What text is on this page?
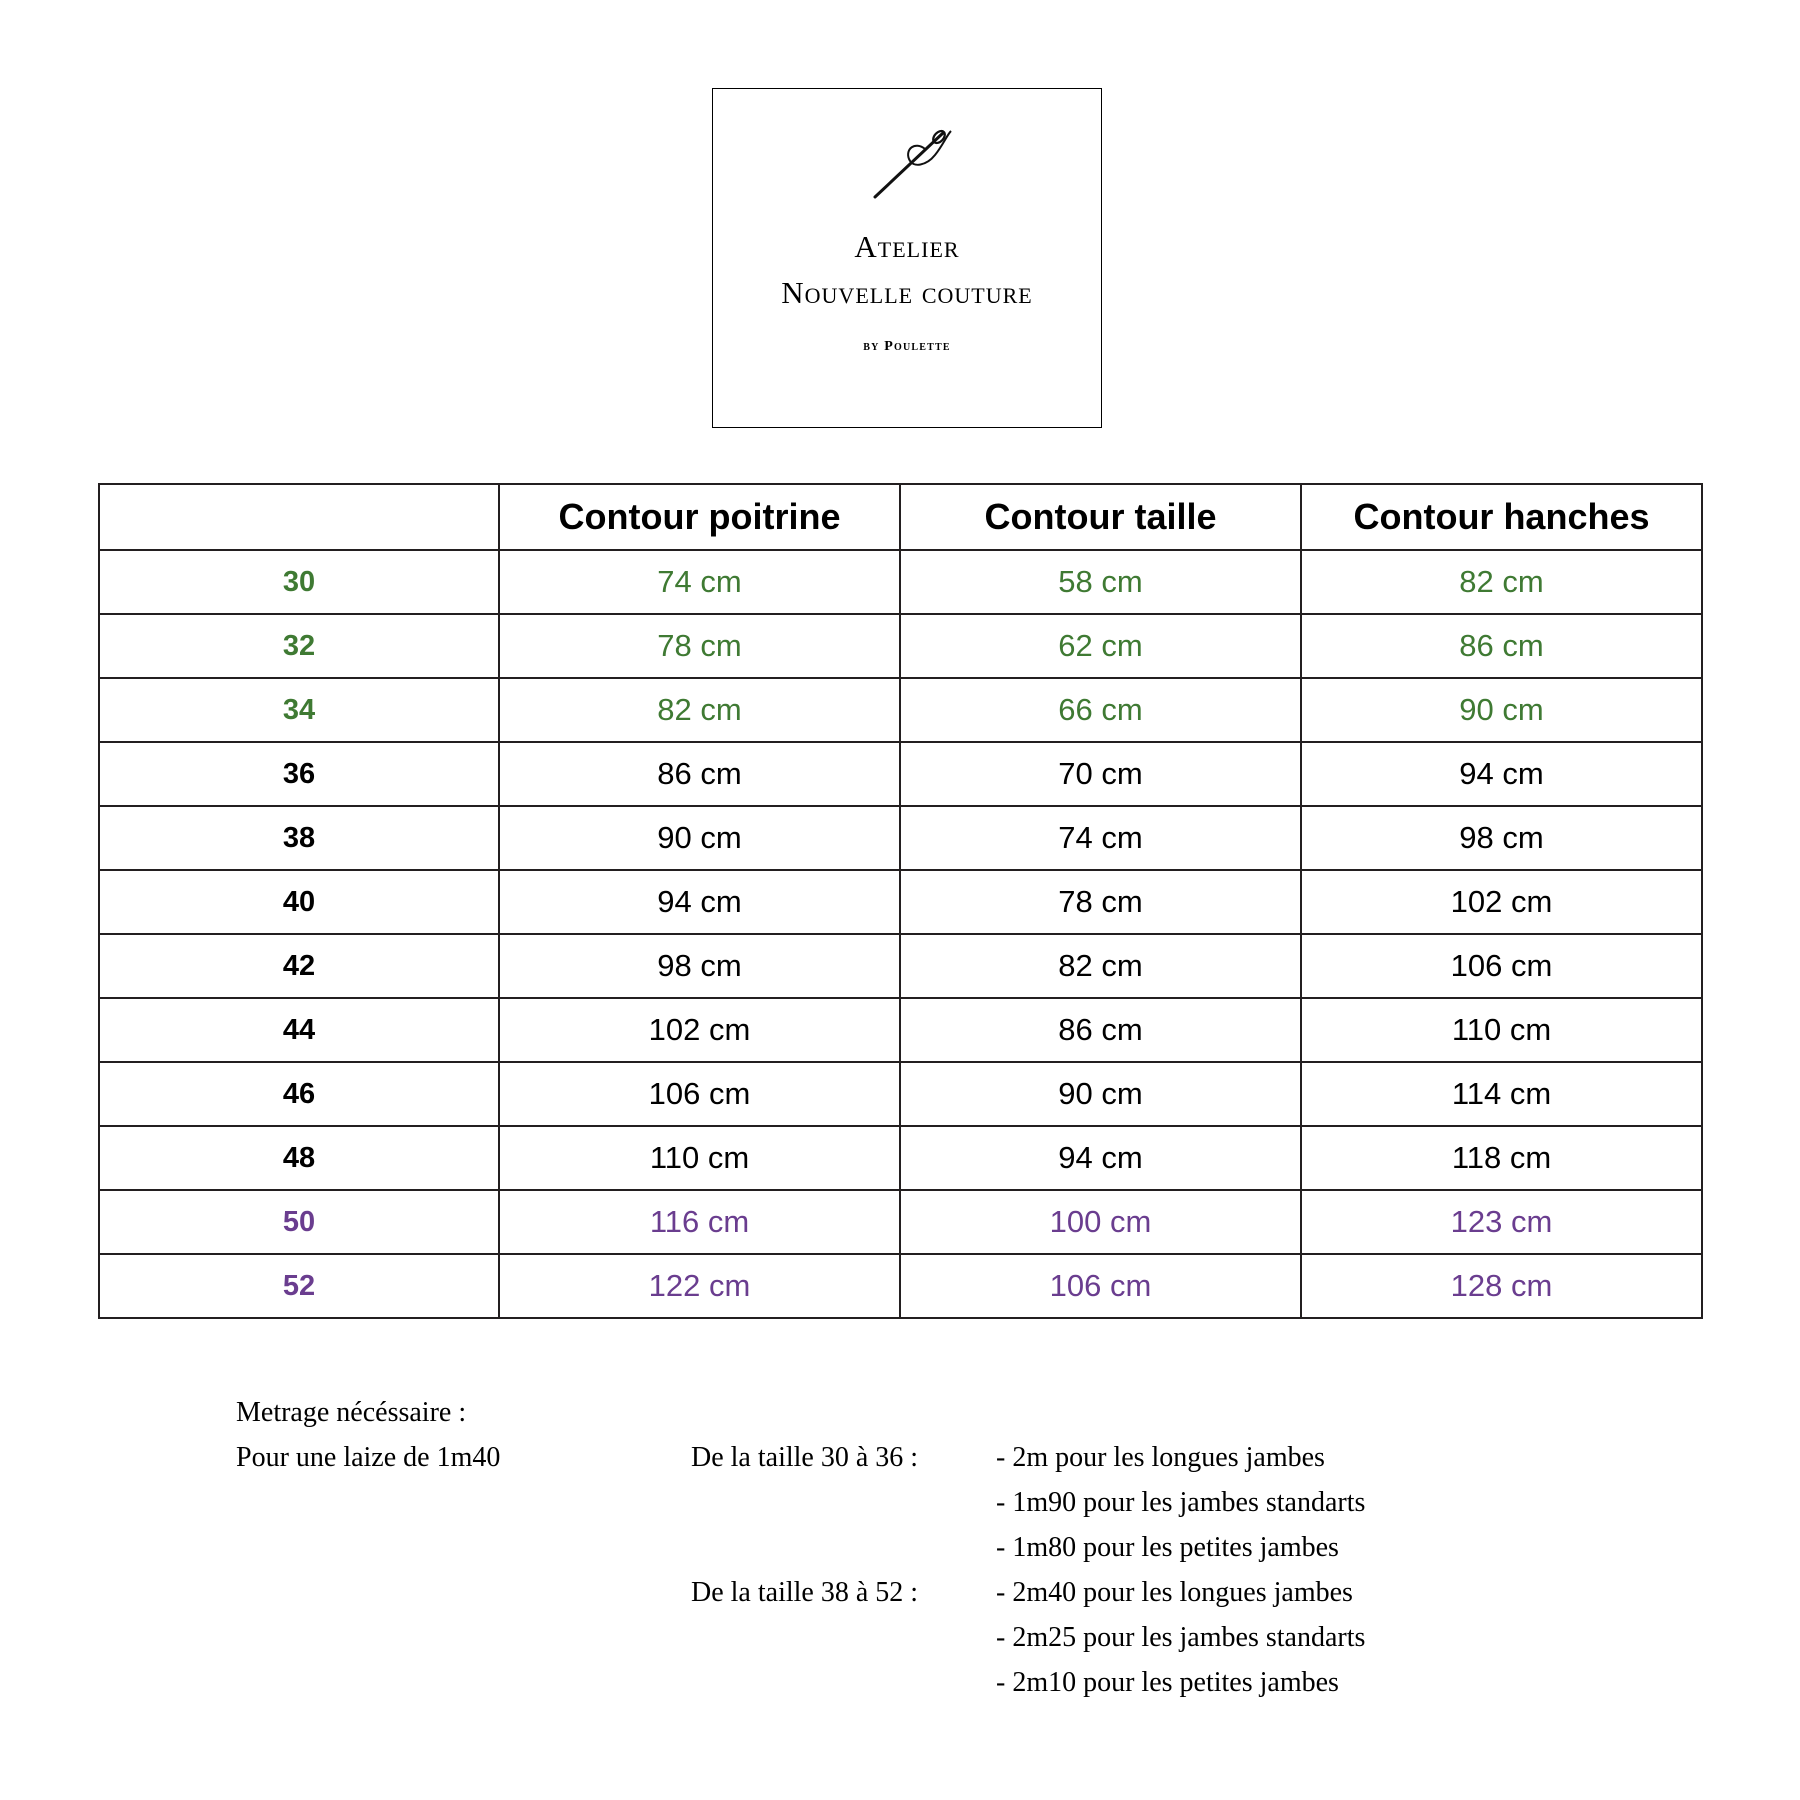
Atelier
Nouvelle couture
by Poulette
	Contour poitrine	Contour taille	Contour hanches
30	74 cm	58 cm	82 cm
32	78 cm	62 cm	86 cm
34	82 cm	66 cm	90 cm
36	86 cm	70 cm	94 cm
38	90 cm	74 cm	98 cm
40	94 cm	78 cm	102 cm
42	98 cm	82 cm	106 cm
44	102 cm	86 cm	110 cm
46	106 cm	90 cm	114 cm
48	110 cm	94 cm	118 cm
50	116 cm	100 cm	123 cm
52	122 cm	106 cm	128 cm
Metrage nécéssaire :
Pour une laize de 1m40	De la taille 30 à 36 :	- 2m pour les longues jambes
- 1m90 pour les jambes standarts
- 1m80 pour les petites jambes
De la taille 38 à 52 :	- 2m40 pour les longues jambes
- 2m25 pour les jambes standarts
- 2m10 pour les petites jambes
